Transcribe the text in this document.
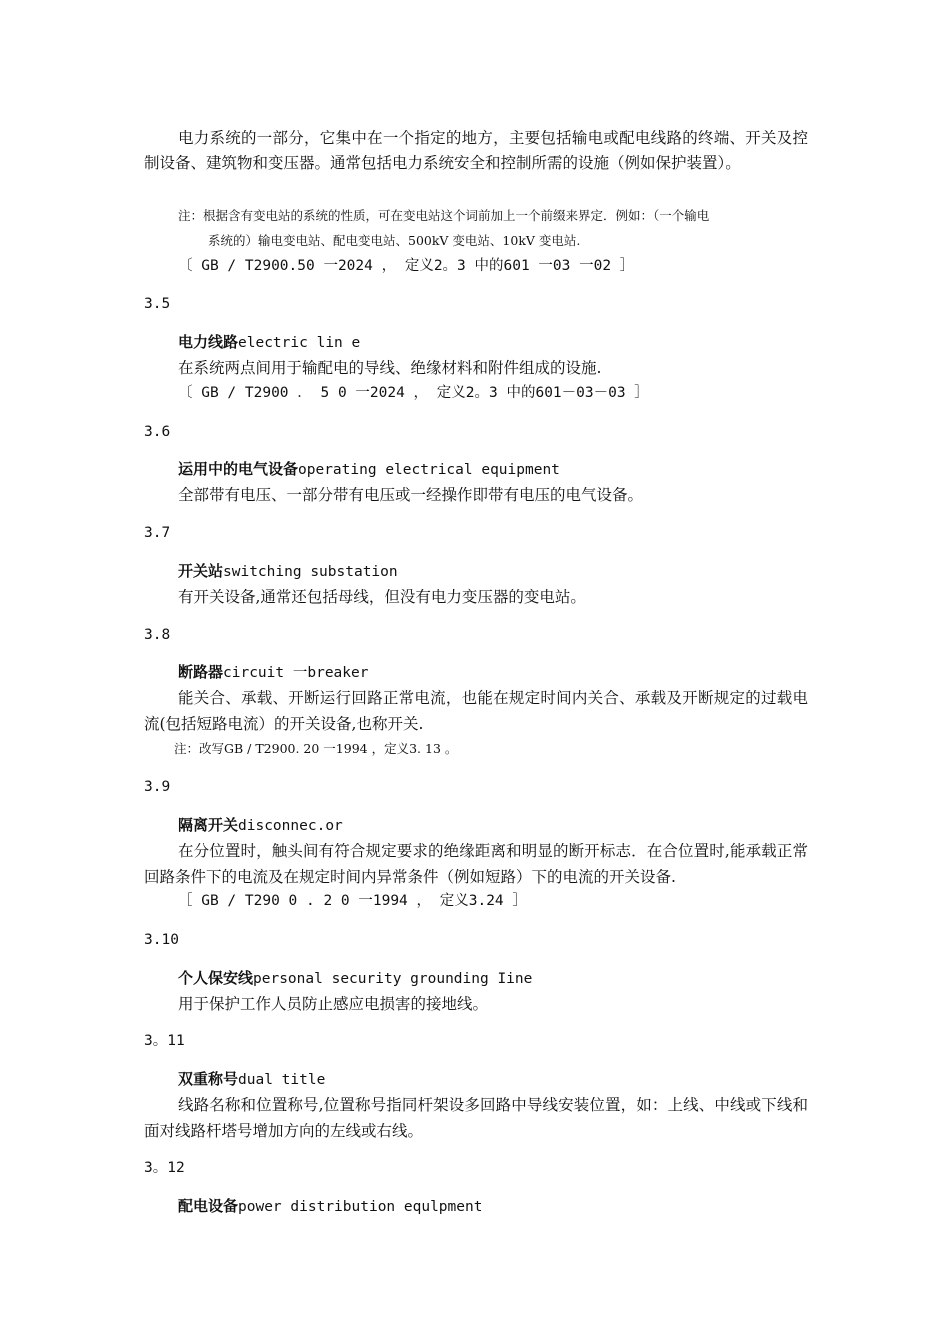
电力系统的一部分，它集中在一个指定的地方，主要包括输电或配电线路的终端、开关及控制设备、建筑物和变压器。通常包括电力系统安全和控制所需的设施（例如保护装置）。

注：根据含有变电站的系统的性质，可在变电站这个词前加上一个前缀来界定．例如：（一个输电

系统的）输电变电站、配电变电站、500kV 变电站、10kV 变电站.

〔 GB / T2900.50 一2024 ， 定义2。3 中的601 一03 一02 ］

3.5

电力线路electric lin e

在系统两点间用于输配电的导线、绝缘材料和附件组成的设施.

〔 GB / T2900 ． 5 0 一2024 ， 定义2。3 中的601－03－03 ］

3.6

运用中的电气设备operating electrical equipment

全部带有电压、一部分带有电压或一经操作即带有电压的电气设备。

3.7

开关站switching substation

有开关设备,通常还包括母线，但没有电力变压器的变电站。

3.8

断路器circuit 一breaker

能关合、承载、开断运行回路正常电流，也能在规定时间内关合、承载及开断规定的过载电流(包括短路电流）的开关设备,也称开关.

注：改写GB / T2900. 20 一1994 ，定义3. 13 。

3.9

隔离开关disconnec.or

在分位置时，触头间有符合规定要求的绝缘距离和明显的断开标志．在合位置时,能承载正常回路条件下的电流及在规定时间内异常条件（例如短路）下的电流的开关设备.

［ GB / T290 0 . 2 0 一1994 ， 定义3.24 ］

3.10

个人保安线personal security grounding Iine

用于保护工作人员防止感应电损害的接地线。

3。11

双重称号dual title

线路名称和位置称号,位置称号指同杆架设多回路中导线安装位置，如：上线、中线或下线和面对线路杆塔号增加方向的左线或右线。

3。12

配电设备power distribution equlpment
